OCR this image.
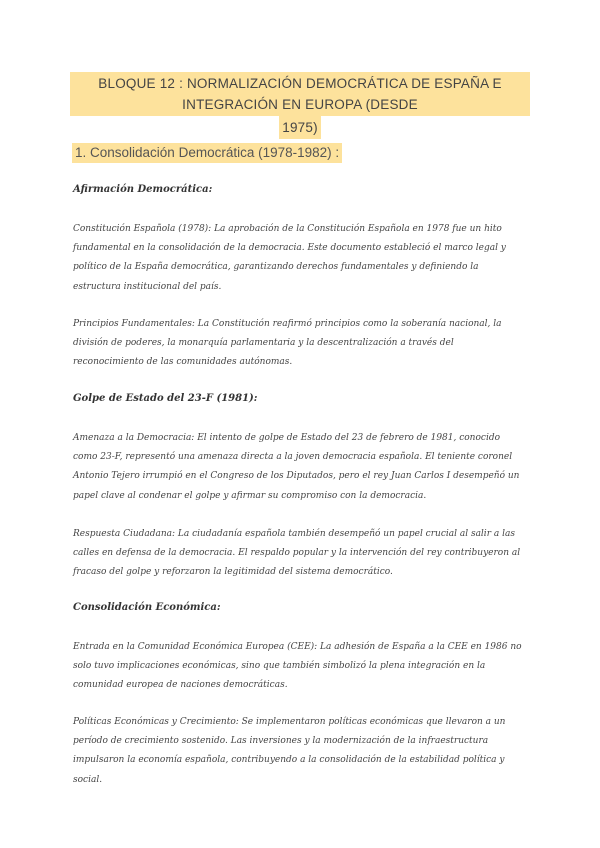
BLOQUE 12 : NORMALIZACIÓN DEMOCRÁTICA DE ESPAÑA E INTEGRACIÓN EN EUROPA (DESDE
1975)
1. Consolidación Democrática (1978-1982) :
Afirmación Democrática:
Constitución Española (1978): La aprobación de la Constitución Española en 1978 fue un hito fundamental en la consolidación de la democracia. Este documento estableció el marco legal y político de la España democrática, garantizando derechos fundamentales y definiendo la estructura institucional del país.
Principios Fundamentales: La Constitución reafirmó principios como la soberanía nacional, la división de poderes, la monarquía parlamentaria y la descentralización a través del reconocimiento de las comunidades autónomas.
Golpe de Estado del 23-F (1981):
Amenaza a la Democracia: El intento de golpe de Estado del 23 de febrero de 1981, conocido como 23-F, representó una amenaza directa a la joven democracia española. El teniente coronel Antonio Tejero irrumpió en el Congreso de los Diputados, pero el rey Juan Carlos I desempeñó un papel clave al condenar el golpe y afirmar su compromiso con la democracia.
Respuesta Ciudadana: La ciudadanía española también desempeñó un papel crucial al salir a las calles en defensa de la democracia. El respaldo popular y la intervención del rey contribuyeron al fracaso del golpe y reforzaron la legitimidad del sistema democrático.
Consolidación Económica:
Entrada en la Comunidad Económica Europea (CEE): La adhesión de España a la CEE en 1986 no solo tuvo implicaciones económicas, sino que también simbolizó la plena integración en la comunidad europea de naciones democráticas.
Políticas Económicas y Crecimiento: Se implementaron políticas económicas que llevaron a un período de crecimiento sostenido. Las inversiones y la modernización de la infraestructura impulsaron la economía española, contribuyendo a la consolidación de la estabilidad política y social.
